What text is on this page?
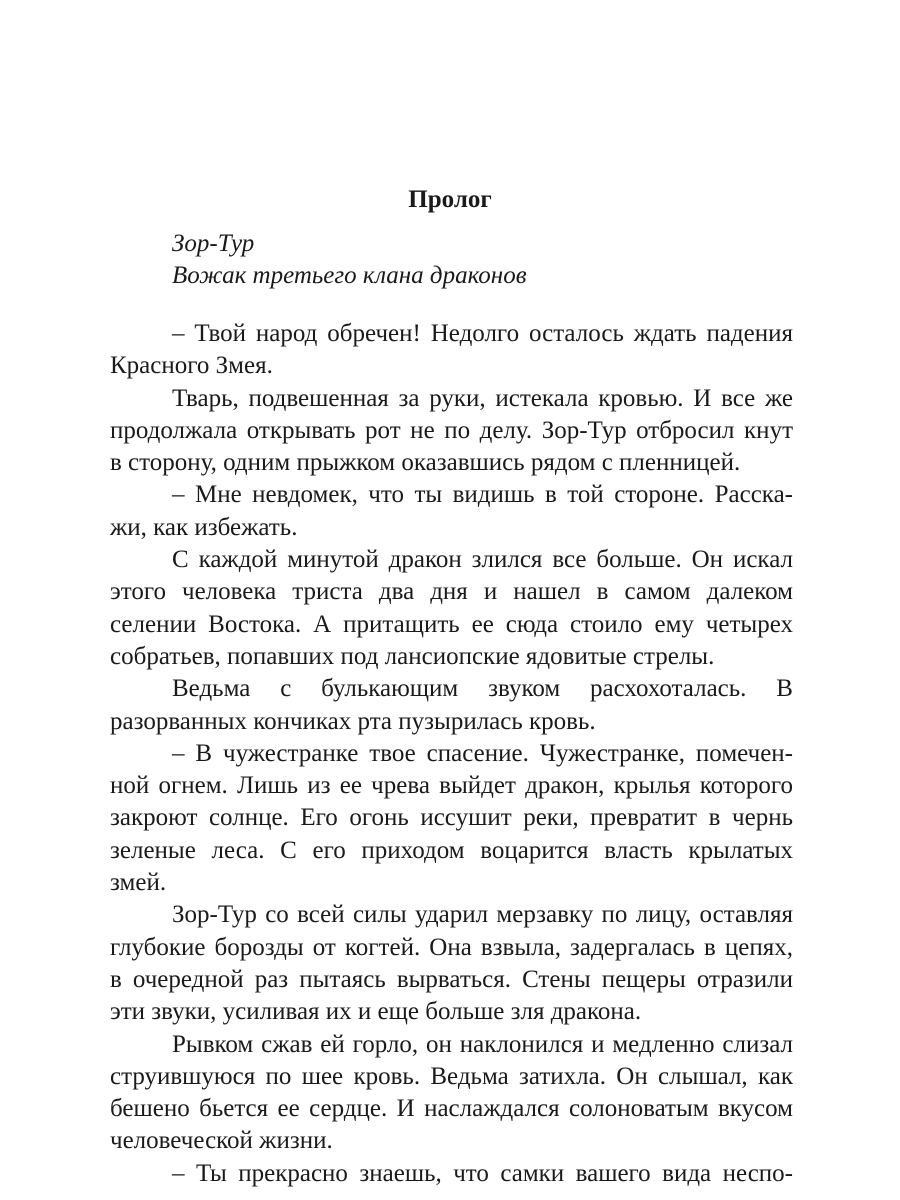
Пролог
Зор-Тур
Вожак третьего клана драконов
– Твой народ обречен! Недолго осталось ждать падения
Красного Змея.
Тварь, подвешенная за руки, истекала кровью. И все же
продолжала открывать рот не по делу. Зор-Тур отбросил кнут
в сторону, одним прыжком оказавшись рядом с пленницей.
– Мне невдомек, что ты видишь в той стороне. Расска-
жи, как избежать.
С каждой минутой дракон злился все больше. Он искал
этого человека триста два дня и нашел в самом далеком
селении Востока. А притащить ее сюда стоило ему четырех
собратьев, попавших под лансиопские ядовитые стрелы.
Ведьма с булькающим звуком расхохоталась. В
разорванных кончиках рта пузырилась кровь.
– В чужестранке твое спасение. Чужестранке, помечен-
ной огнем. Лишь из ее чрева выйдет дракон, крылья которого
закроют солнце. Его огонь иссушит реки, превратит в чернь
зеленые леса. С его приходом воцарится власть крылатых
змей.
Зор-Тур со всей силы ударил мерзавку по лицу, оставляя
глубокие борозды от когтей. Она взвыла, задергалась в цепях,
в очередной раз пытаясь вырваться. Стены пещеры отразили
эти звуки, усиливая их и еще больше зля дракона.
Рывком сжав ей горло, он наклонился и медленно слизал
струившуюся по шее кровь. Ведьма затихла. Он слышал, как
бешено бьется ее сердце. И наслаждался солоноватым вкусом
человеческой жизни.
– Ты прекрасно знаешь, что самки вашего вида неспо-
